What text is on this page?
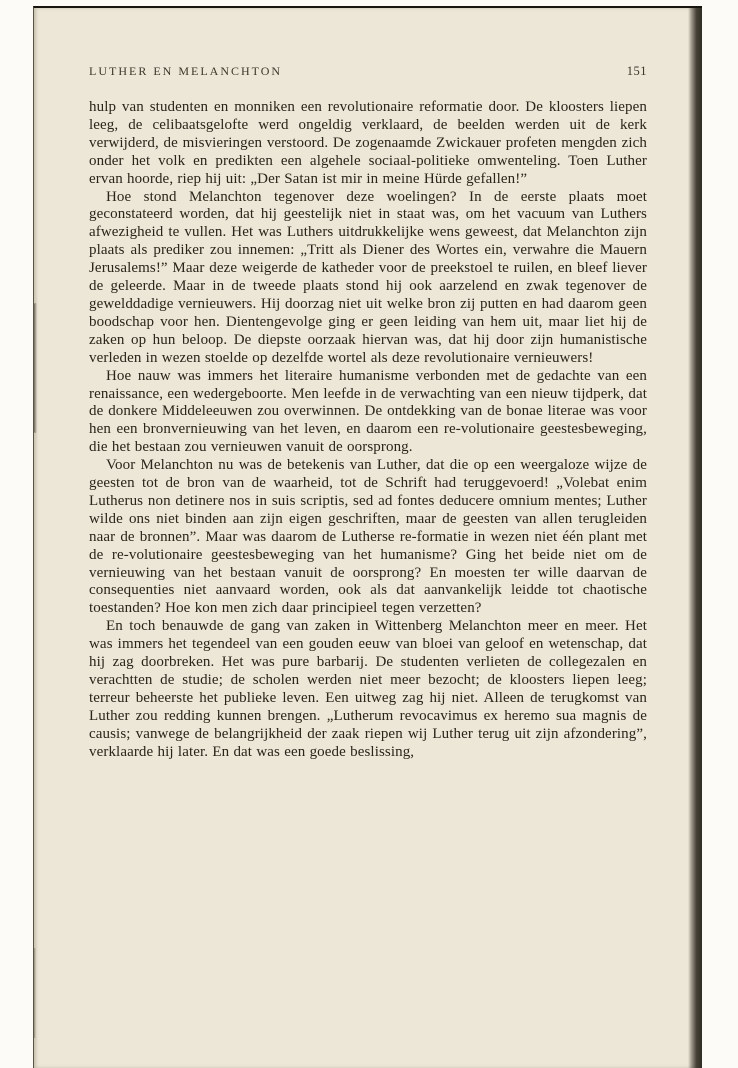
LUTHER EN MELANCHTON	151

hulp van studenten en monniken een revolutionaire reformatie door. De kloosters liepen leeg, de celibaatsgelofte werd ongeldig verklaard, de beelden werden uit de kerk verwijderd, de misvieringen verstoord. De zogenaamde Zwickauer profeten mengden zich onder het volk en predikten een algehele sociaal-politieke omwenteling. Toen Luther ervan hoorde, riep hij uit: „Der Satan ist mir in meine Hürde gefallen!”

Hoe stond Melanchton tegenover deze woelingen? In de eerste plaats moet geconstateerd worden, dat hij geestelijk niet in staat was, om het vacuum van Luthers afwezigheid te vullen. Het was Luthers uitdrukkelijke wens geweest, dat Melanchton zijn plaats als prediker zou innemen: „Tritt als Diener des Wortes ein, verwahre die Mauern Jerusalems!” Maar deze weigerde de katheder voor de preekstoel te ruilen, en bleef liever de geleerde. Maar in de tweede plaats stond hij ook aarzelend en zwak tegenover de gewelddadige vernieuwers. Hij doorzag niet uit welke bron zij putten en had daarom geen boodschap voor hen. Dientengevolge ging er geen leiding van hem uit, maar liet hij de zaken op hun beloop. De diepste oorzaak hiervan was, dat hij door zijn humanistische verleden in wezen stoelde op dezelfde wortel als deze revolutionaire vernieuwers!

Hoe nauw was immers het literaire humanisme verbonden met de gedachte van een renaissance, een wedergeboorte. Men leefde in de verwachting van een nieuw tijdperk, dat de donkere Middeleeuwen zou overwinnen. De ontdekking van de bonae literae was voor hen een bronvernieuwing van het leven, en daarom een re-volutionaire geestesbeweging, die het bestaan zou vernieuwen vanuit de oorsprong.

Voor Melanchton nu was de betekenis van Luther, dat die op een weergaloze wijze de geesten tot de bron van de waarheid, tot de Schrift had teruggevoerd! „Volebat enim Lutherus non detinere nos in suis scriptis, sed ad fontes deducere omnium mentes; Luther wilde ons niet binden aan zijn eigen geschriften, maar de geesten van allen terugleiden naar de bronnen”. Maar was daarom de Lutherse re-formatie in wezen niet één plant met de re-volutionaire geestesbeweging van het humanisme? Ging het beide niet om de vernieuwing van het bestaan vanuit de oorsprong? En moesten ter wille daarvan de consequenties niet aanvaard worden, ook als dat aanvankelijk leidde tot chaotische toestanden? Hoe kon men zich daar principieel tegen verzetten?

En toch benauwde de gang van zaken in Wittenberg Melanchton meer en meer. Het was immers het tegendeel van een gouden eeuw van bloei van geloof en wetenschap, dat hij zag doorbreken. Het was pure barbarij. De studenten verlieten de collegezalen en verachtten de studie; de scholen werden niet meer bezocht; de kloosters liepen leeg; terreur beheerste het publieke leven. Een uitweg zag hij niet. Alleen de terugkomst van Luther zou redding kunnen brengen. „Lutherum revocavimus ex heremo sua magnis de causis; vanwege de belangrijkheid der zaak riepen wij Luther terug uit zijn afzondering”, verklaarde hij later. En dat was een goede beslissing,
